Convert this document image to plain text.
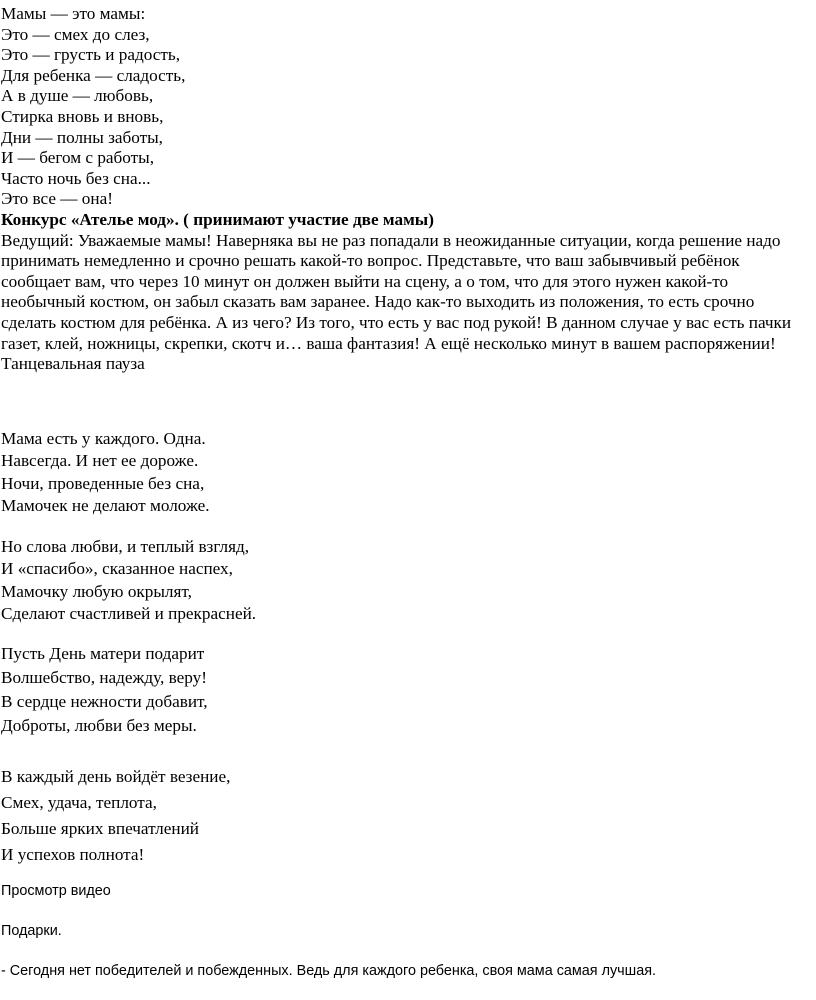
Мамы — это мамы:
Это — смех до слез,
Это — грусть и радость,
Для ребенка — сладость,
А в душе — любовь,
Стирка вновь и вновь,
Дни — полны заботы,
И — бегом с работы,
Часто ночь без сна...
Это все — она!
Конкурс «Ателье мод». ( принимают участие две мамы)
Ведущий: Уважаемые мамы! Наверняка вы не раз попадали в неожиданные ситуации, когда решение надо принимать немедленно и срочно решать какой-то вопрос. Представьте, что ваш забывчивый ребёнок сообщает вам, что через 10 минут он должен выйти на сцену, а о том, что для этого нужен какой-то необычный костюм, он забыл сказать вам заранее. Надо как-то выходить из положения, то есть срочно сделать костюм для ребёнка. А из чего? Из того, что есть у вас под рукой! В данном случае у вас есть пачки газет, клей, ножницы, скрепки, скотч и… ваша фантазия! А ещё несколько минут в вашем распоряжении!
Танцевальная пауза
Мама есть у каждого. Одна.
Навсегда. И нет ее дороже.
Ночи, проведенные без сна,
Мамочек не делают моложе.
Но слова любви, и теплый взгляд,
И «спасибо», сказанное наспех,
Мамочку любую окрылят,
Сделают счастливей и прекрасней.
Пусть День матери подарит
Волшебство, надежду, веру!
В сердце нежности добавит,
Доброты, любви без меры.
В каждый день войдёт везение,
Смех, удача, теплота,
Больше ярких впечатлений
И успехов полнота!

Просмотр видео

Подарки.

- Сегодня нет победителей и побежденных. Ведь для каждого ребенка, своя мама самая лучшая.
